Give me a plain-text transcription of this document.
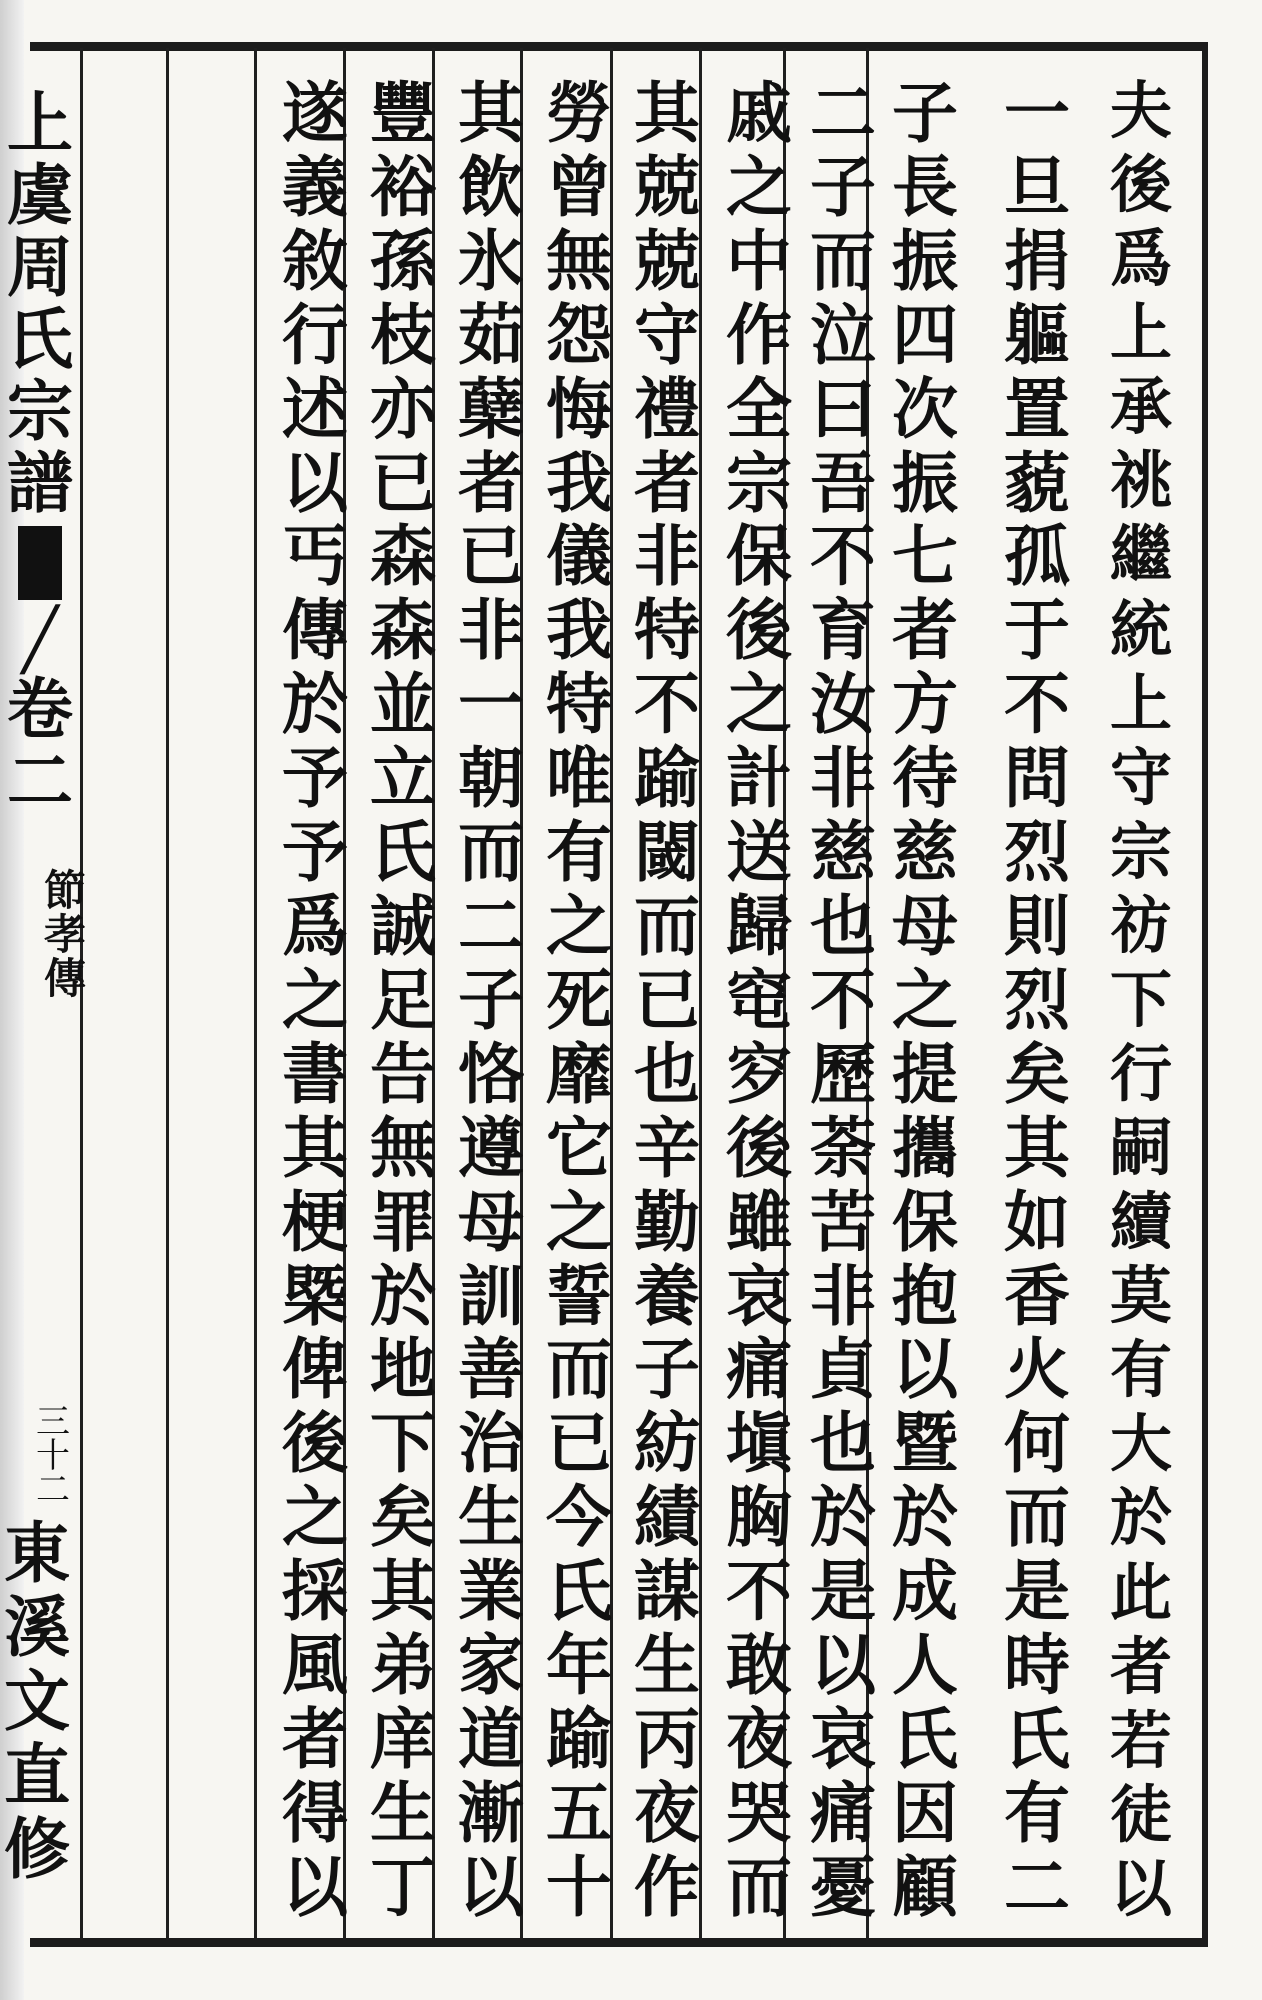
上
虞
周
氏
宗
譜
╱
卷
二
節
孝
傳
三
十
二
東
溪
文
直
修
夫
後
爲
上
承
祧
繼
統
上
守
宗
祊
下
行
嗣
續
莫
有
大
於
此
者
若
徒
以
一
旦
捐
軀
置
藐
孤
于
不
問
烈
則
烈
矣
其
如
香
火
何
而
是
時
氏
有
二
子
長
振
四
次
振
七
者
方
待
慈
母
之
提
攜
保
抱
以
暨
於
成
人
氏
因
顧
二
子
而
泣
曰
吾
不
育
汝
非
慈
也
不
歷
荼
苦
非
貞
也
於
是
以
哀
痛
憂
戚
之
中
作
全
宗
保
後
之
計
送
歸
窀
穸
後
雖
哀
痛
塡
胸
不
敢
夜
哭
而
其
兢
兢
守
禮
者
非
特
不
踰
閾
而
已
也
辛
勤
養
子
紡
績
謀
生
丙
夜
作
勞
曾
無
怨
悔
我
儀
我
特
唯
有
之
死
靡
它
之
誓
而
已
今
氏
年
踰
五
十
其
飲
氷
茹
蘖
者
已
非
一
朝
而
二
子
恪
遵
母
訓
善
治
生
業
家
道
漸
以
豐
裕
孫
枝
亦
已
森
森
並
立
氏
誠
足
告
無
罪
於
地
下
矣
其
弟
庠
生
丁
遂
義
敘
行
述
以
丐
傳
於
予
予
爲
之
書
其
梗
槩
俾
後
之
採
風
者
得
以
